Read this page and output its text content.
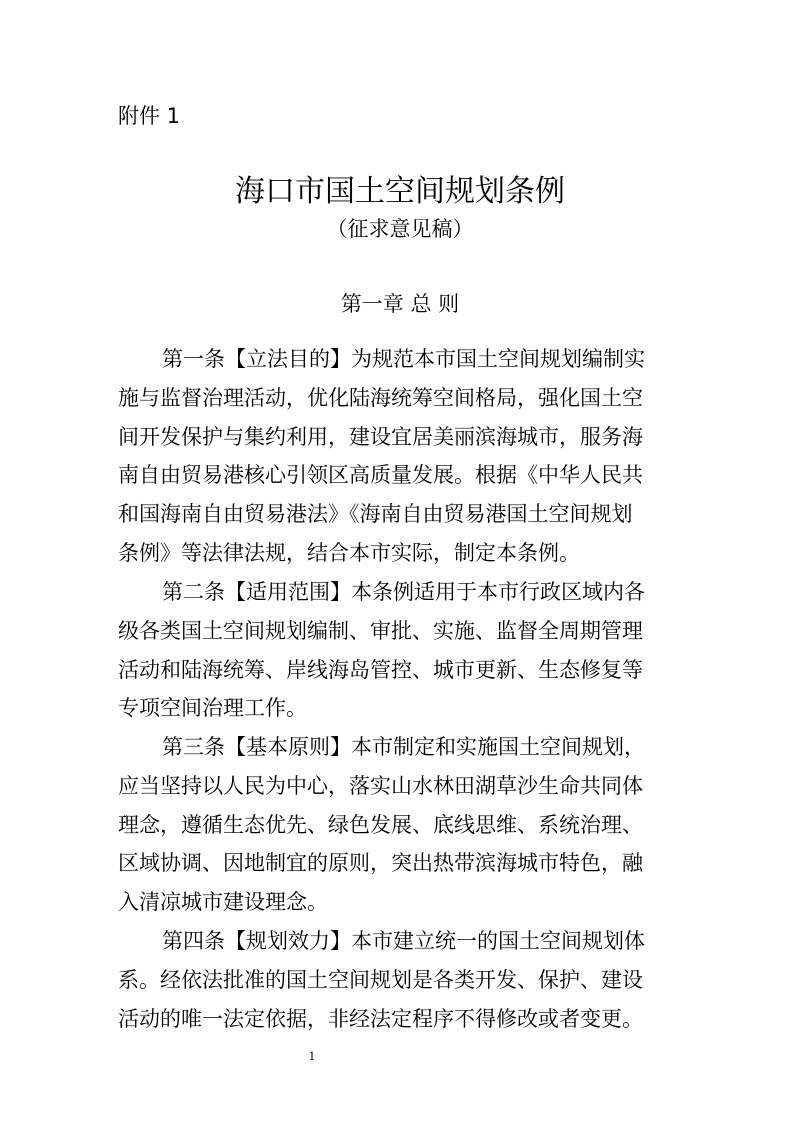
附件 1
海口市国土空间规划条例
（征求意见稿）
第一章 总 则
第一条【立法目的】为规范本市国土空间规划编制实
施与监督治理活动，优化陆海统筹空间格局，强化国土空
间开发保护与集约利用，建设宜居美丽滨海城市，服务海
南自由贸易港核心引领区高质量发展。根据《中华人民共
和国海南自由贸易港法》《海南自由贸易港国土空间规划
条例》等法律法规，结合本市实际，制定本条例。
第二条【适用范围】本条例适用于本市行政区域内各
级各类国土空间规划编制、审批、实施、监督全周期管理
活动和陆海统筹、岸线海岛管控、城市更新、生态修复等
专项空间治理工作。
第三条【基本原则】本市制定和实施国土空间规划，
应当坚持以人民为中心，落实山水林田湖草沙生命共同体
理念，遵循生态优先、绿色发展、底线思维、系统治理、
区域协调、因地制宜的原则，突出热带滨海城市特色，融
入清凉城市建设理念。
第四条【规划效力】本市建立统一的国土空间规划体
系。经依法批准的国土空间规划是各类开发、保护、建设
活动的唯一法定依据，非经法定程序不得修改或者变更。
1
